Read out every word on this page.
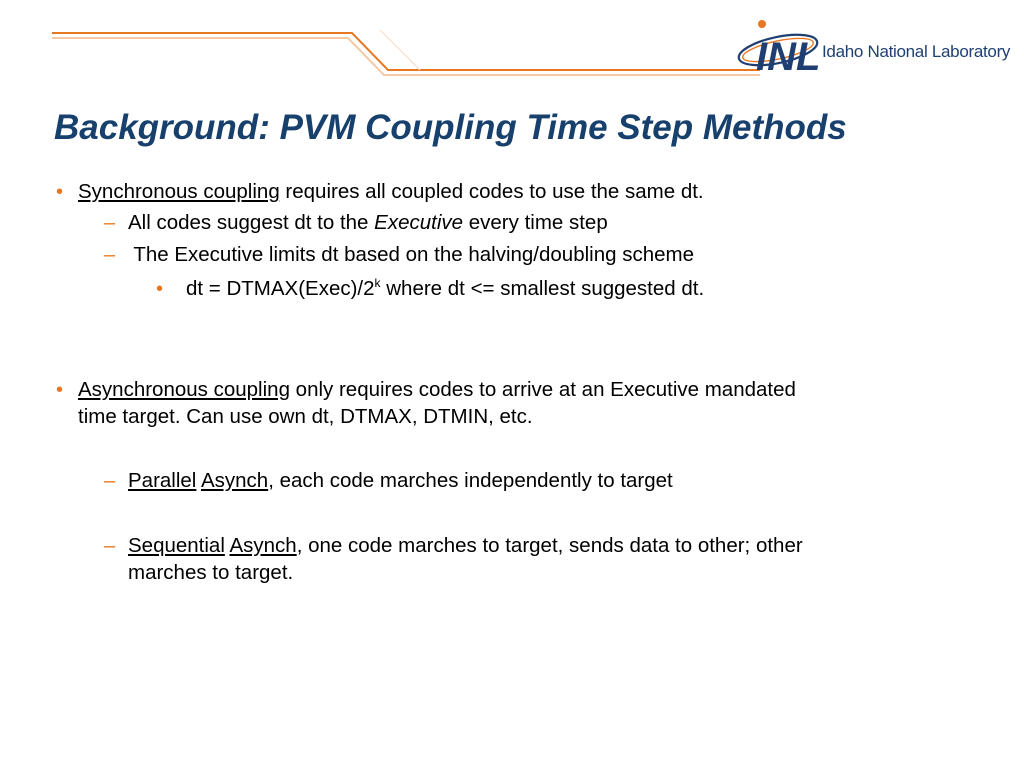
INL Idaho National Laboratory
Background: PVM Coupling Time Step Methods
• Synchronous coupling requires all coupled codes to use the same dt.
– All codes suggest dt to the Executive every time step
– The Executive limits dt based on the halving/doubling scheme
• dt = $DTMAX(Exec)/2^k$ where dt <= smallest suggested dt.
• Asynchronous coupling only requires codes to arrive at an Executive mandated
time target. Can use own dt, DTMAX, DTMIN, etc.
– Parallel Asynch, each code marches independently to target
– Sequential Asynch, one code marches to target, sends data to other; other
marches to target.
